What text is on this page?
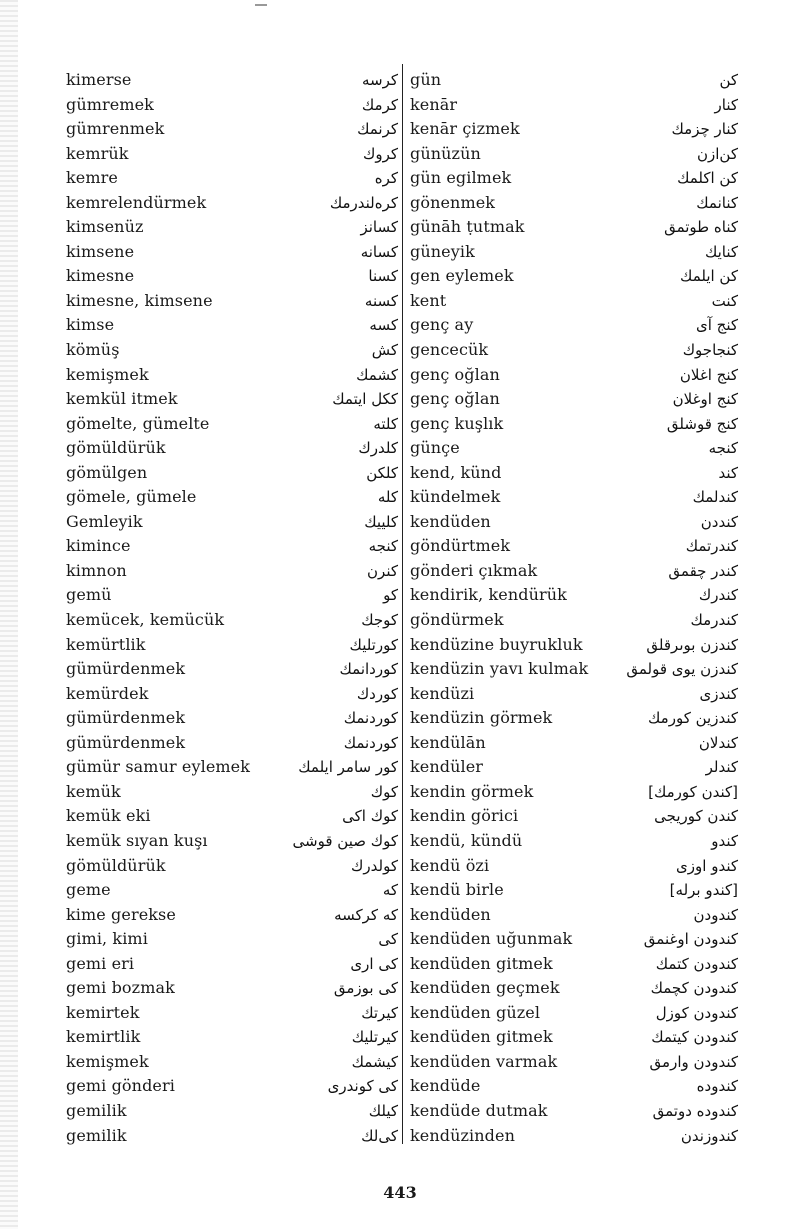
kimerse	کرسه
gümremek	کرمك
gümrenmek	کرنمك
kemrük	کروك
kemre	کره
kemrelendürmek	کره‌لندرمك
kimsenüz	کسانز
kimsene	کسانه
kimesne	کسنا
kimesne, kimsene	کسنه
kimse	کسه
kömüş	کش
kemişmek	کشمك
kemkül itmek	ککل ایتمك
gömelte, gümelte	کلته
gömüldürük	کلدرك
gömülgen	کلکن
gömele, gümele	کله
Gemleyik	کلییك
kimince	کنجه
kimnon	کنرن
gemü	کو
kemücek, kemücük	کوجك
kemürtlik	کورتلیك
gümürdenmek	کوردانمك
kemürdek	کوردك
gümürdenmek	کوردنمك
gümürdenmek	کوردنمك
gümür samur eylemek	کور سامر ایلمك
kemük	کوك
kemük eki	کوك اکی
kemük sıyan kuşı	کوك صین قوشی
gömüldürük	کولدرك
geme	که
kime gerekse	که کرکسه
gimi, kimi	کی
gemi eri	کی اری
gemi bozmak	کی بوزمق
kemirtek	کیرتك
kemirtlik	کیرتلیك
kemişmek	کیشمك
gemi gönderi	کی کوندری
gemilik	کیلك
gemilik	کی‌لك
gün	کن
kenār	کنار
kenār çizmek	کنار چزمك
günüzün	کن‌ازن
gün egilmek	کن اکلمك
gönenmek	کنانمك
günāh ṭutmak	کناه طوتمق
güneyik	کنایك
gen eylemek	کن ایلمك
kent	کنت
genç ay	کنج آی
gencecük	کنجاجوك
genç oğlan	کنج اغلان
genç oğlan	کنج اوغلان
genç kuşlık	کنج قوشلق
günçe	کنجه
kend, künd	کند
kündelmek	کندلمك
kendüden	کنددن
göndürtmek	کندرتمك
gönderi çıkmak	کندر چقمق
kendirik, kendürük	کندرك
göndürmek	کندرمك
kendüzine buyrukluk	کندزن بوىرقلق
kendüzin yavı kulmak	کندزن یوی قولمق
kendüzi	کندزی
kendüzin görmek	کندزین کورمك
kendülān	کندلان
kendüler	کندلر
kendin görmek	[کندن کورمك]
kendin görici	کندن کوریجی
kendü, kündü	کندو
kendü özi	کندو اوزی
kendü birle	[کندو برله]
kendüden	کندودن
kendüden uğunmak	کندودن اوغنمق
kendüden gitmek	کندودن کتمك
kendüden geçmek	کندودن کچمك
kendüden güzel	کندودن کوزل
kendüden gitmek	کندودن کیتمك
kendüden varmak	کندودن وارمق
kendüde	کندوده
kendüde dutmak	کندوده دوتمق
kendüzinden	کندوزندن
443
